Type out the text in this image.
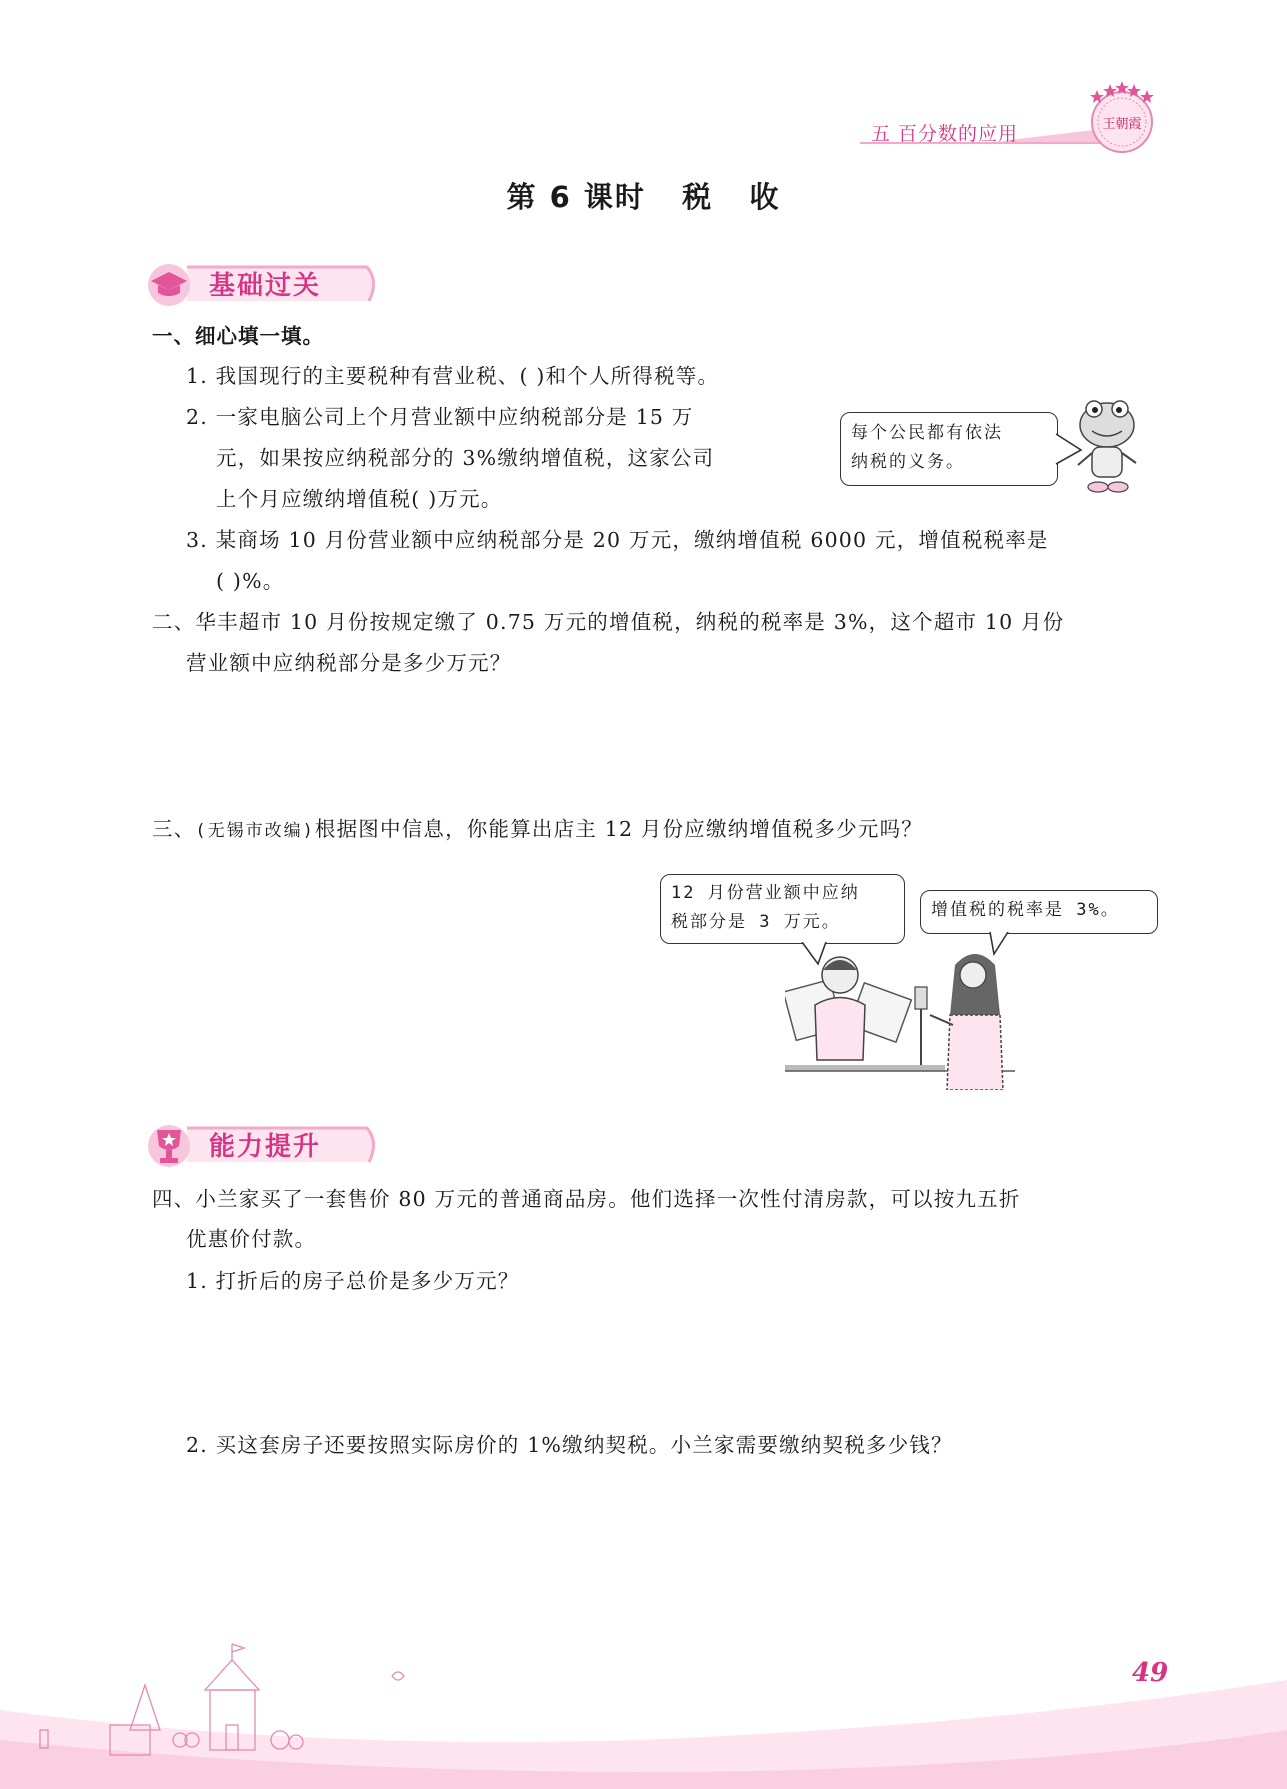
五 百分数的应用	王朝霞
第 6 课时   税   收
基础过关
一、细心填一填。
1. 我国现行的主要税种有营业税、( )和个人所得税等。
2. 一家电脑公司上个月营业额中应纳税部分是 15 万
元，如果按应纳税部分的 3%缴纳增值税，这家公司
上个月应缴纳增值税( )万元。
每个公民都有依法
纳税的义务。
3. 某商场 10 月份营业额中应纳税部分是 20 万元，缴纳增值税 6000 元，增值税税率是
( )%。
二、华丰超市 10 月份按规定缴了 0.75 万元的增值税，纳税的税率是 3%，这个超市 10 月份
营业额中应纳税部分是多少万元？
三、(无锡市改编)根据图中信息，你能算出店主 12 月份应缴纳增值税多少元吗？
12 月份营业额中应纳
税部分是 3 万元。
增值税的税率是 3%。
能力提升
四、小兰家买了一套售价 80 万元的普通商品房。他们选择一次性付清房款，可以按九五折
优惠价付款。
1. 打折后的房子总价是多少万元？
2. 买这套房子还要按照实际房价的 1%缴纳契税。小兰家需要缴纳契税多少钱？
49
